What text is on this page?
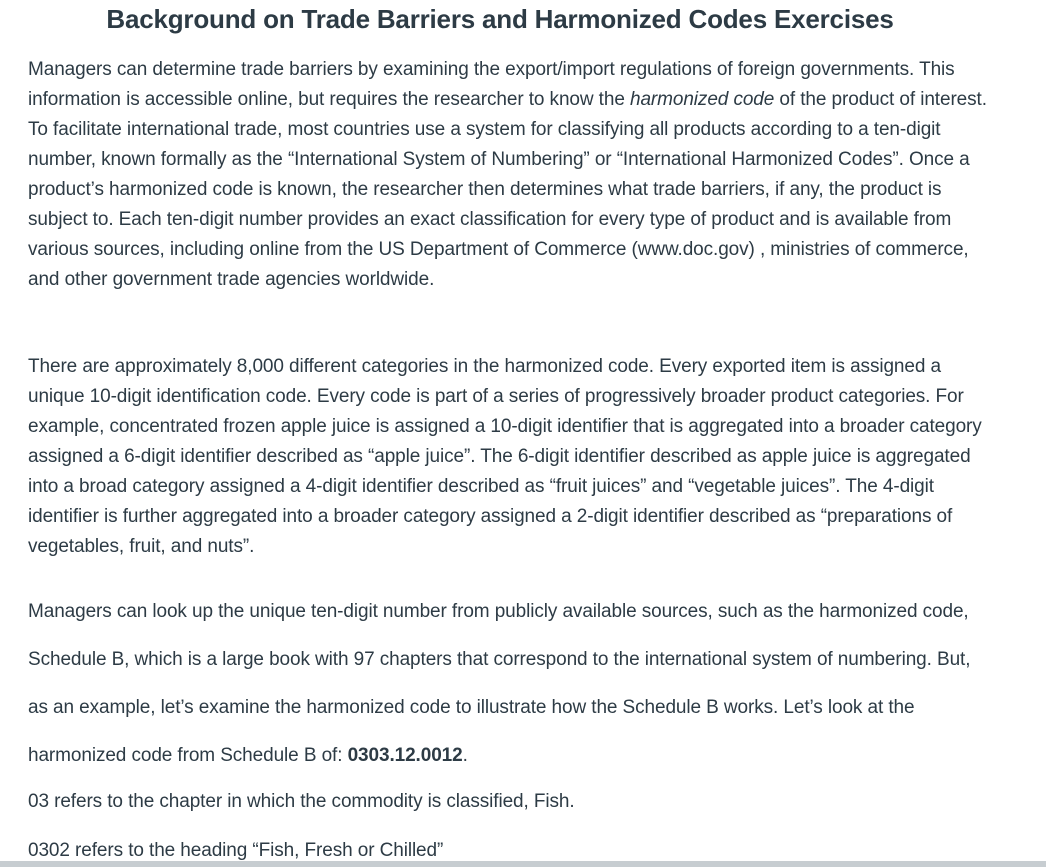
Background on Trade Barriers and Harmonized Codes Exercises

Managers can determine trade barriers by examining the export/import regulations of foreign governments. This information is accessible online, but requires the researcher to know the harmonized code of the product of interest. To facilitate international trade, most countries use a system for classifying all products according to a ten-digit number, known formally as the “International System of Numbering” or “International Harmonized Codes”. Once a product’s harmonized code is known, the researcher then determines what trade barriers, if any, the product is subject to. Each ten-digit number provides an exact classification for every type of product and is available from various sources, including online from the US Department of Commerce (www.doc.gov) , ministries of commerce, and other government trade agencies worldwide.

There are approximately 8,000 different categories in the harmonized code. Every exported item is assigned a unique 10-digit identification code. Every code is part of a series of progressively broader product categories. For example, concentrated frozen apple juice is assigned a 10-digit identifier that is aggregated into a broader category assigned a 6-digit identifier described as “apple juice”. The 6-digit identifier described as apple juice is aggregated into a broad category assigned a 4-digit identifier described as “fruit juices” and “vegetable juices”. The 4-digit identifier is further aggregated into a broader category assigned a 2-digit identifier described as “preparations of vegetables, fruit, and nuts”.

Managers can look up the unique ten-digit number from publicly available sources, such as the harmonized code, Schedule B, which is a large book with 97 chapters that correspond to the international system of numbering. But, as an example, let’s examine the harmonized code to illustrate how the Schedule B works. Let’s look at the harmonized code from Schedule B of: 0303.12.0012.

03 refers to the chapter in which the commodity is classified, Fish.

0302 refers to the heading “Fish, Fresh or Chilled”
